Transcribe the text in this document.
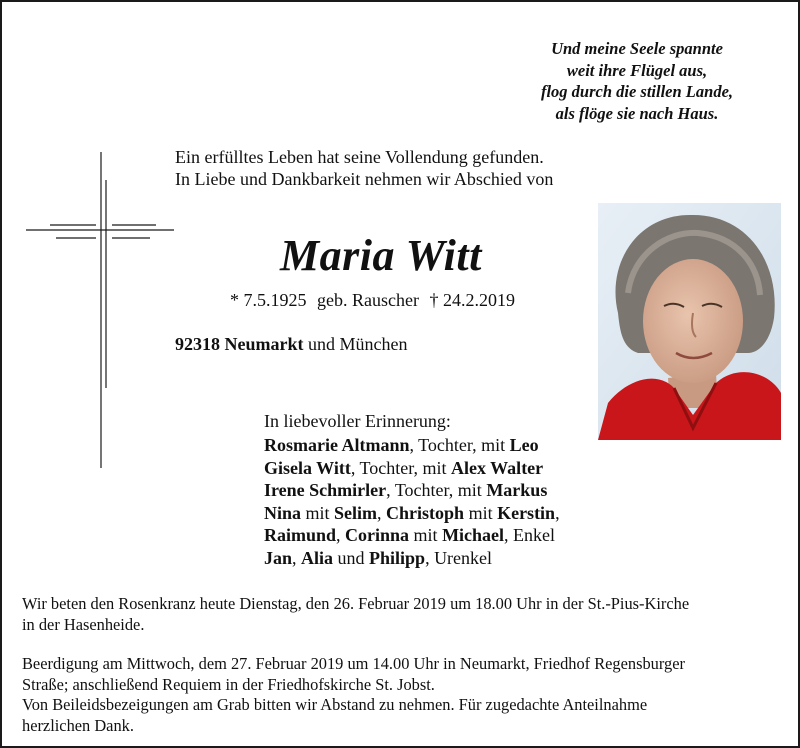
Und meine Seele spannte
weit ihre Flügel aus,
flog durch die stillen Lande,
als flöge sie nach Haus.
Ein erfülltes Leben hat seine Vollendung gefunden.
In Liebe und Dankbarkeit nehmen wir Abschied von
Maria Witt
* 7.5.1925 geb. Rauscher † 24.2.2019
92318 Neumarkt und München
In liebevoller Erinnerung:
Rosmarie Altmann, Tochter, mit Leo
Gisela Witt, Tochter, mit Alex Walter
Irene Schmirler, Tochter, mit Markus
Nina mit Selim, Christoph mit Kerstin,
Raimund, Corinna mit Michael, Enkel
Jan, Alia und Philipp, Urenkel
Wir beten den Rosenkranz heute Dienstag, den 26. Februar 2019 um 18.00 Uhr in der St.-Pius-Kirche
in der Hasenheide.
Beerdigung am Mittwoch, dem 27. Februar 2019 um 14.00 Uhr in Neumarkt, Friedhof Regensburger
Straße; anschließend Requiem in der Friedhofskirche St. Jobst.
Von Beileidsbezeigungen am Grab bitten wir Abstand zu nehmen. Für zugedachte Anteilnahme
herzlichen Dank.
